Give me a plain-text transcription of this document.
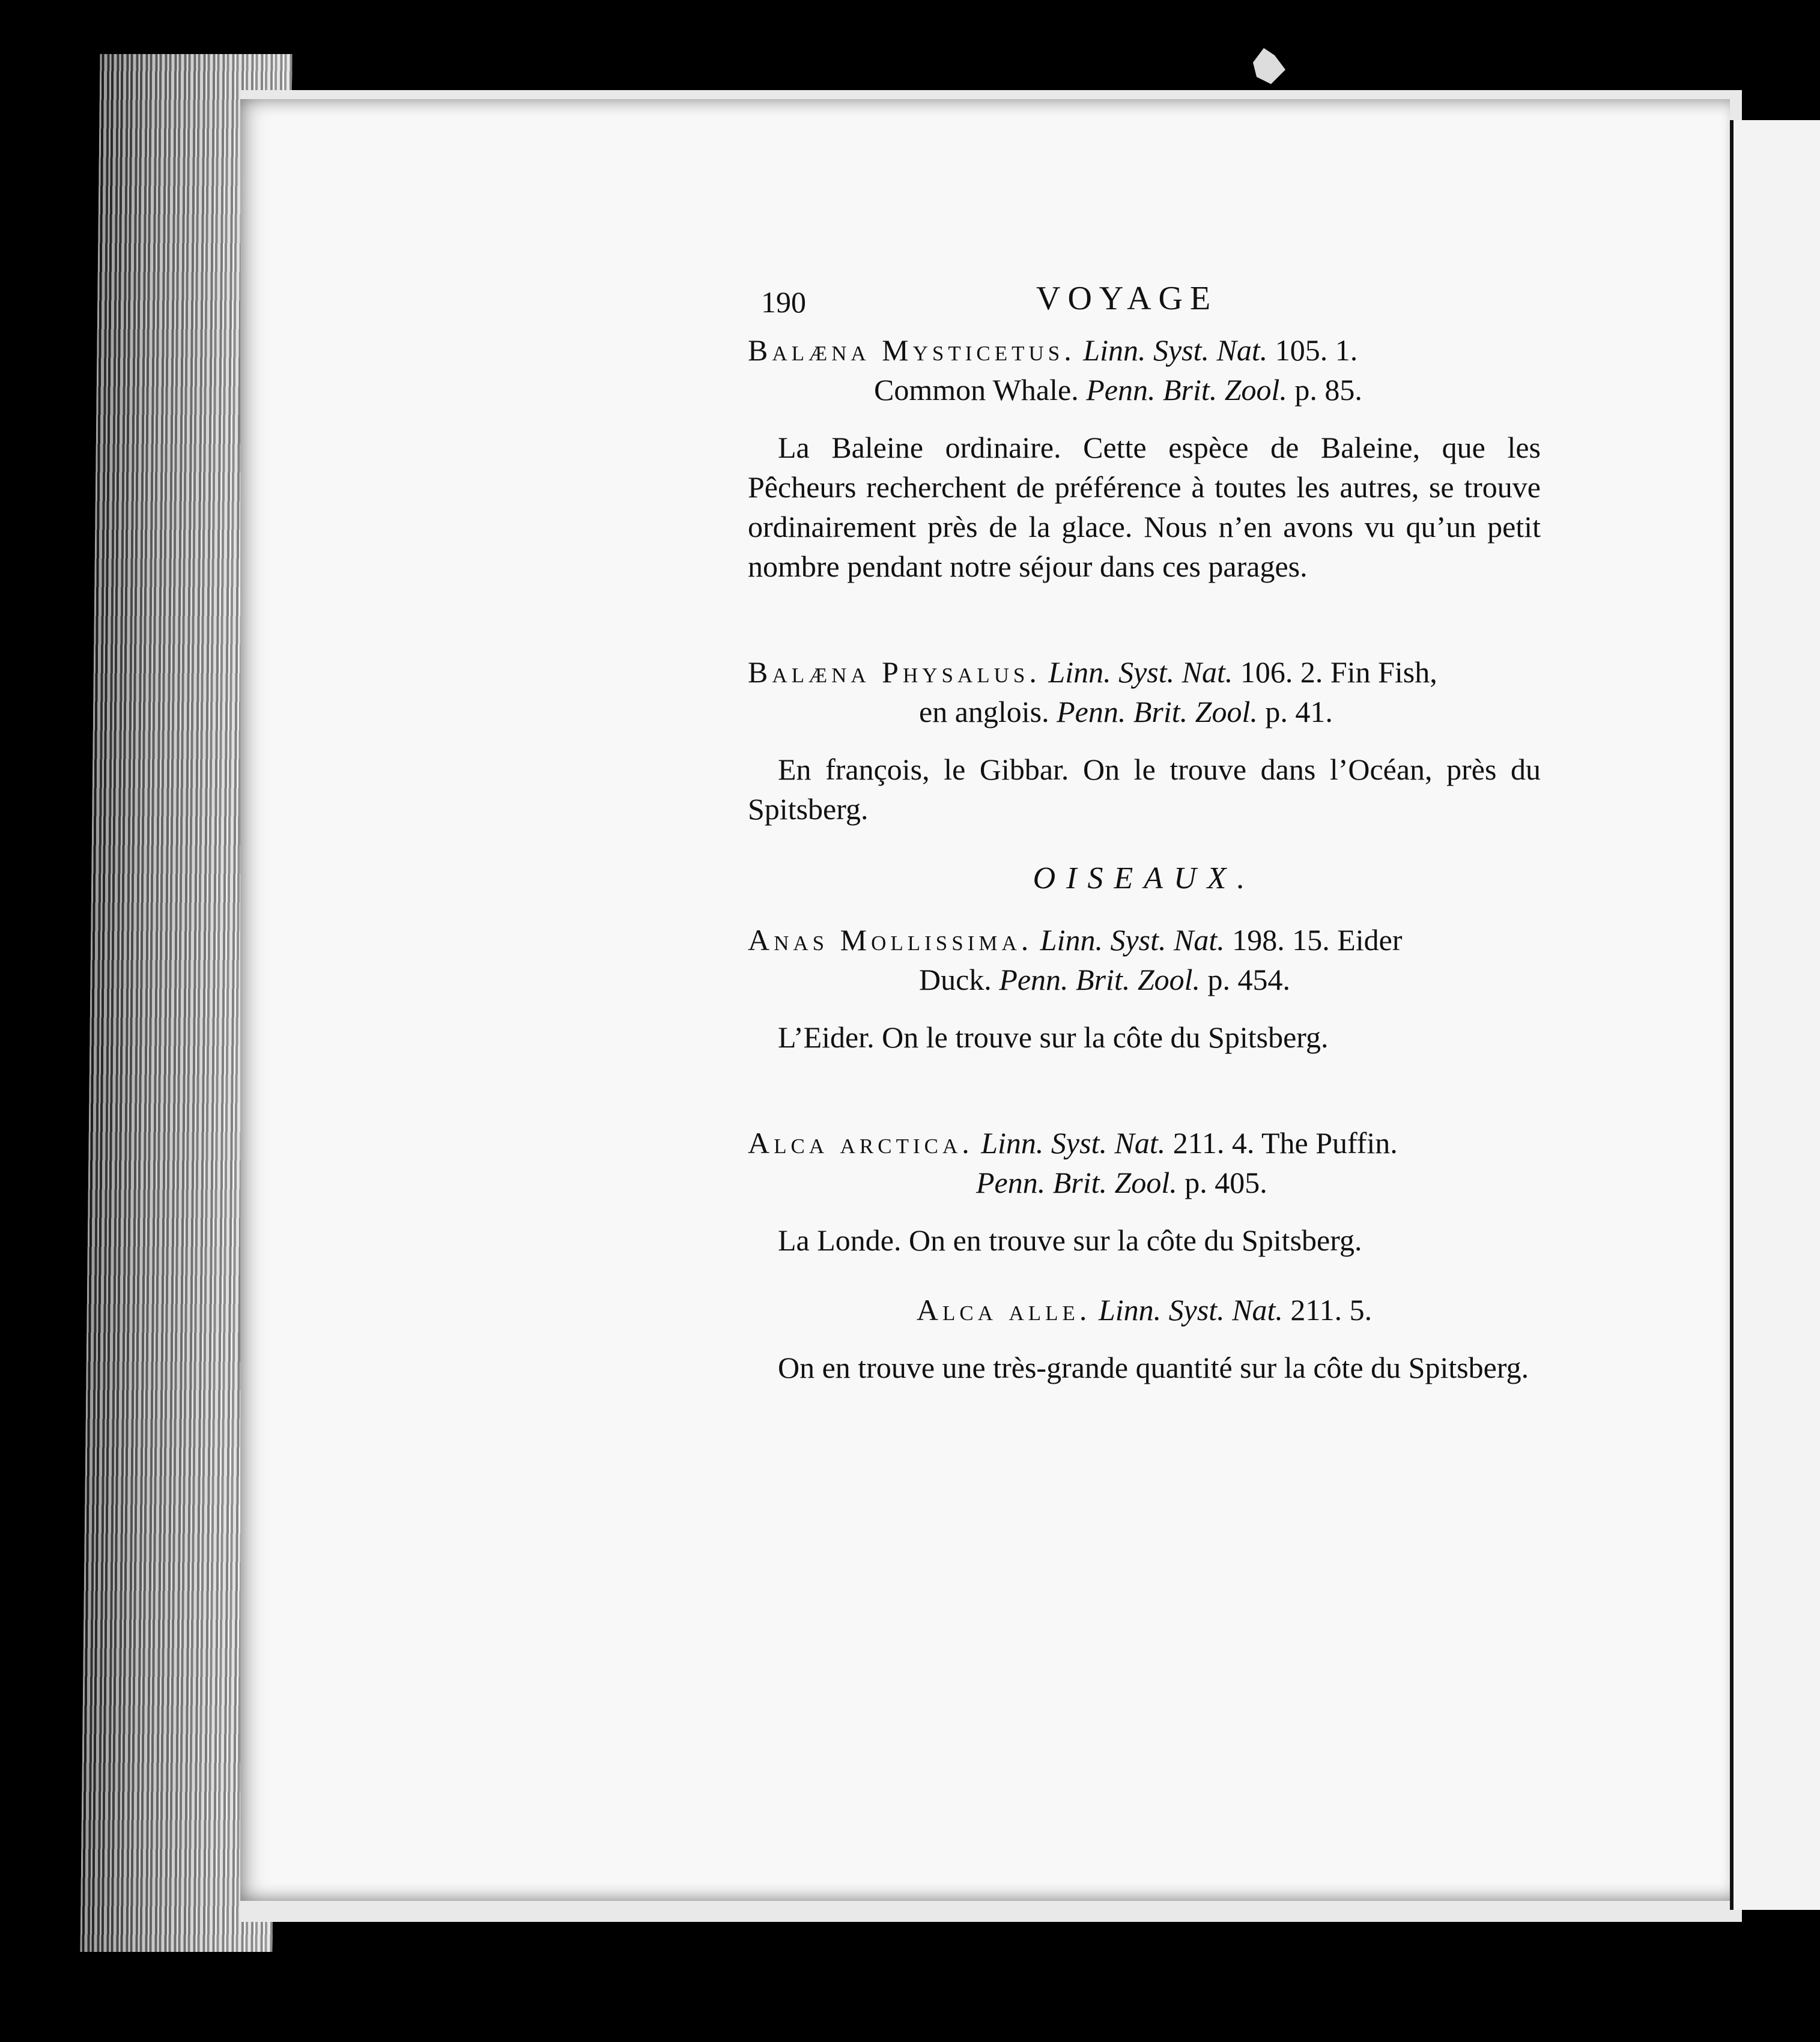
190	VOYAGE
Balæna Mysticetus. Linn. Syst. Nat. 105. 1.
Common Whale. Penn. Brit. Zool. p. 85.

La Baleine ordinaire. Cette espèce de Baleine, que les Pêcheurs recherchent de préférence à toutes les autres, se trouve ordinairement près de la glace. Nous n’en avons vu qu’un petit nombre pendant notre séjour dans ces parages.

Balæna Physalus. Linn. Syst. Nat. 106. 2. Fin Fish,
en anglois. Penn. Brit. Zool. p. 41.

En françois, le Gibbar. On le trouve dans l’Océan, près du Spitsberg.

OISEAUX.
Anas Mollissima. Linn. Syst. Nat. 198. 15. Eider
Duck. Penn. Brit. Zool. p. 454.

L’Eider. On le trouve sur la côte du Spitsberg.

Alca arctica. Linn. Syst. Nat. 211. 4. The Puffin.
Penn. Brit. Zool. p. 405.

La Londe. On en trouve sur la côte du Spitsberg.

Alca alle. Linn. Syst. Nat. 211. 5.

On en trouve une très-grande quantité sur la côte du Spitsberg.
